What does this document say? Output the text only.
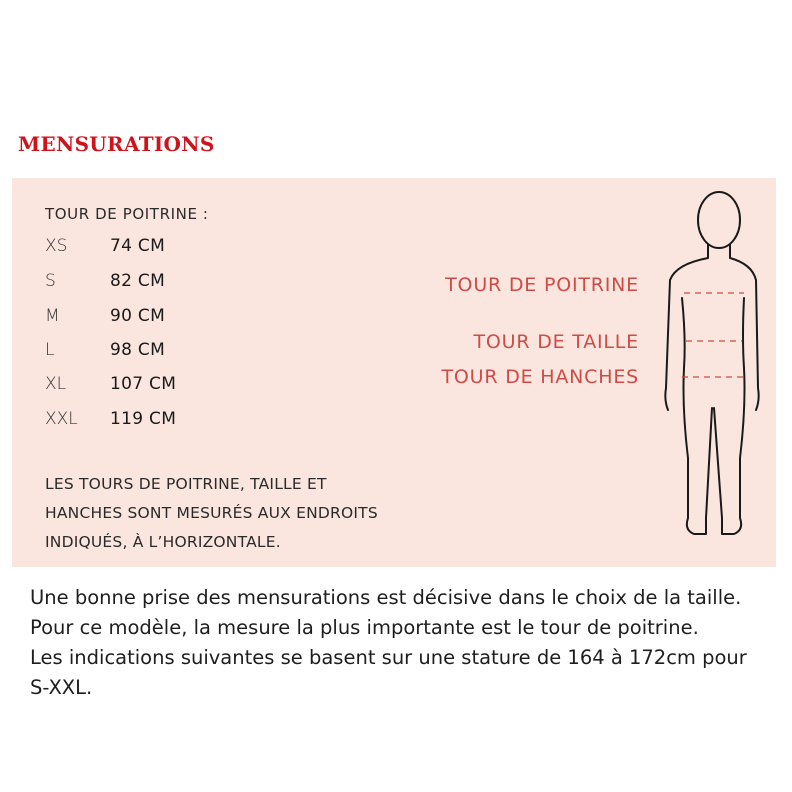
MENSURATIONS
TOUR DE POITRINE :
XS	74 CM
S	82 CM
M	90 CM
L	98 CM
XL	107 CM
XXL 119 CM
LES TOURS DE POITRINE, TAILLE ET
HANCHES SONT MESURÉS AUX ENDROITS
INDIQUÉS, À L’HORIZONTALE.
TOUR DE POITRINE
TOUR DE TAILLE
TOUR DE HANCHES

Une bonne prise des mensurations est décisive dans le choix de la taille.

Pour ce modèle, la mesure la plus importante est le tour de poitrine.

Les indications suivantes se basent sur une stature de 164 à 172cm pour

S-XXL.
